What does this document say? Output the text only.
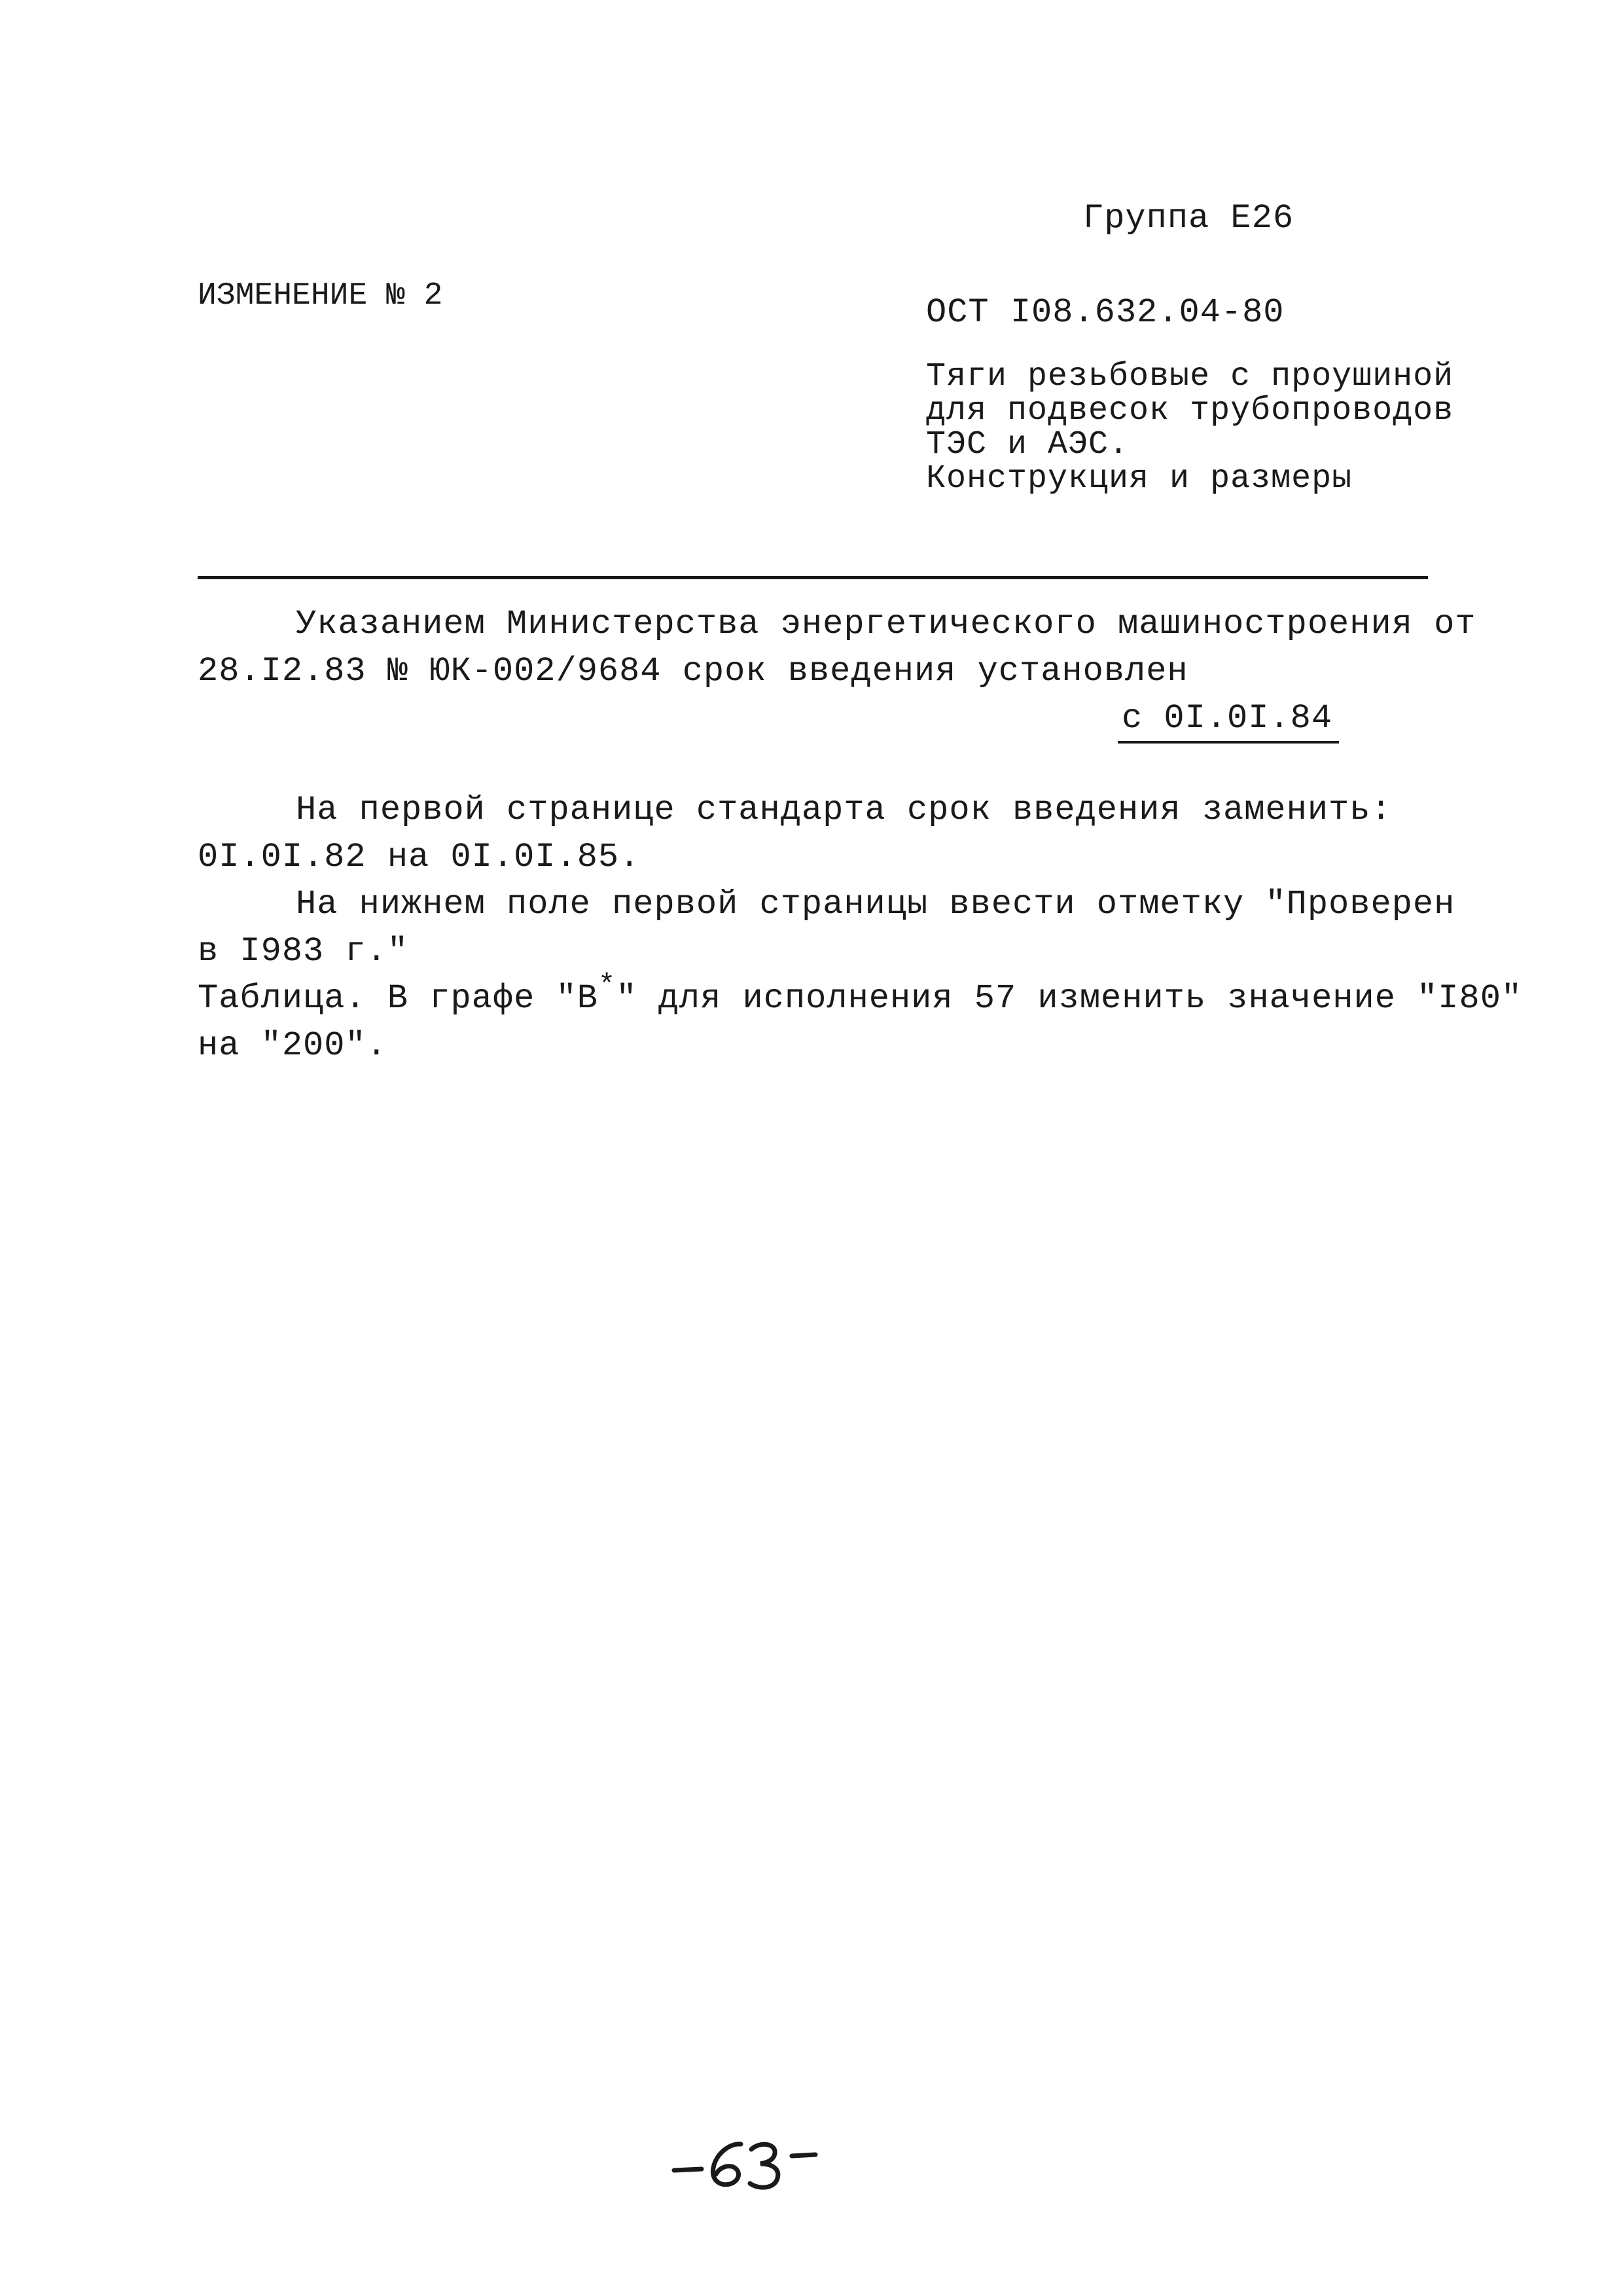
Группа Е26
ИЗМЕНЕНИЕ № 2	ОСТ I08.632.04-80
Тяги резьбовые с проушиной
для подвесок трубопроводов
ТЭС и АЭС.
Конструкция и размеры
Указанием Министерства энергетического машиностроения от
28.I2.83 № ЮК-002/9684 срок введения установлен
с 0I.0I.84
На первой странице стандарта срок введения заменить:
0I.0I.82 на 0I.0I.85.
На нижнем поле первой страницы ввести отметку "Проверен
в I983 г."
Таблица. В графе "В*" для исполнения 57 изменить значение "I80"
на "200".
